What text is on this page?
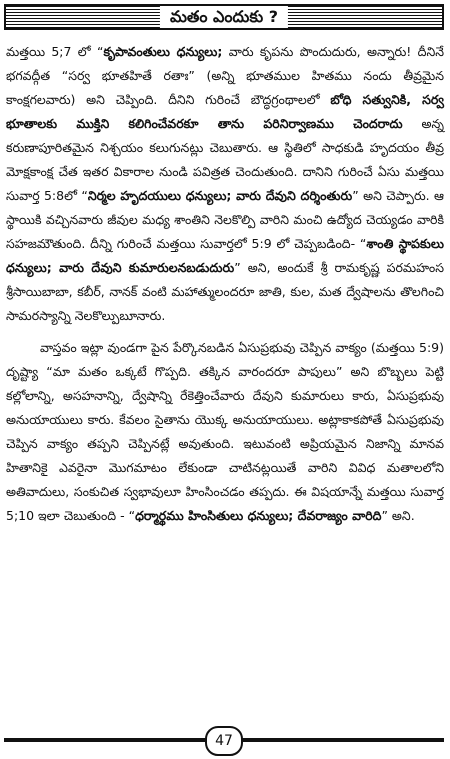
మతం ఎందుకు ?

మత్తయి 5;7 లో “కృపావంతులు ధన్యులు; వారు కృపను పొందుదురు, అన్నారు! దీనినే భగవద్గీత “సర్వ భూతహితే రతాః” (అన్ని భూతముల హితము నందు తీవ్రమైన కాంక్షగలవారు) అని చెప్పింది. దీనిని గురించే బౌద్ధగ్రంథాలలో బోధి సత్వునికి, సర్వ భూతాలకు ముక్తిని కలిగించేవరకూ తాను పరినిర్వాణము చెందరాదు అన్న కరుణాపూరితమైన నిశ్చయం కలుగునట్లు చెబుతారు. ఆ స్థితిలో సాధకుడి హృదయం తీవ్ర మోక్షకాంక్ష చేత ఇతర వికారాల నుండి పవిత్రత చెందుతుంది. దానిని గురించే ఏసు మత్తయి సువార్త 5:8లో “నిర్మల హృదయులు ధన్యులు; వారు దేవుని దర్శింతురు” అని చెప్పారు. ఆ స్థాయికి వచ్చినవారు జీవుల మధ్య శాంతిని నెలకొల్పి వారిని మంచి ఉద్యోద చెయ్యడం వారికి సహజమౌతుంది. దీన్ని గురించే మత్తయి సువార్తలో 5:9 లో చెప్పబడింది- “శాంతి స్థాపకులు ధన్యులు; వారు దేవుని కుమారులనబడుదురు” అని, అందుకే శ్రీ రామకృష్ణ పరమహంస శ్రీసాయిబాబా, కబీర్, నానక్ వంటి మహాత్ములందరూ జాతి, కుల, మత ద్వేషాలను తొలగించి సామరస్యాన్ని నెలకొల్పుబూనారు.

వాస్తవం ఇట్లా వుండగా పైన పేర్కొనబడిన ఏసుప్రభువు చెప్పిన వాక్యం (మత్తయి 5:9) దృష్ట్యా “మా మతం ఒక్కటే గొప్పది. తక్కిన వారందరూ పాపులు” అని బొబ్బలు పెట్టి కల్లోలాన్ని, అసహనాన్ని, ద్వేషాన్ని రేకెత్తించేవారు దేవుని కుమారులు కారు, ఏసుప్రభువు అనుయాయులు కారు. కేవలం సైతాను యొక్క అనుయాయులు. అట్లాకాకపోతే ఏసుప్రభువు చెప్పిన వాక్యం తప్పని చెప్పినట్లే అవుతుంది. ఇటువంటి అప్రియమైన నిజాన్ని మానవ హితానికై ఎవరైనా మొగమాటం లేకుండా చాటినట్లయితే వారిని వివిధ మతాలలోని అతివాదులు, సంకుచిత స్వభావులూ హింసించడం తప్పదు. ఈ విషయాన్నే మత్తయి సువార్త 5;10 ఇలా చెబుతుంది - “ధర్మార్థము హింసితులు ధన్యులు; దేవరాజ్యం వారిది” అని.

47
